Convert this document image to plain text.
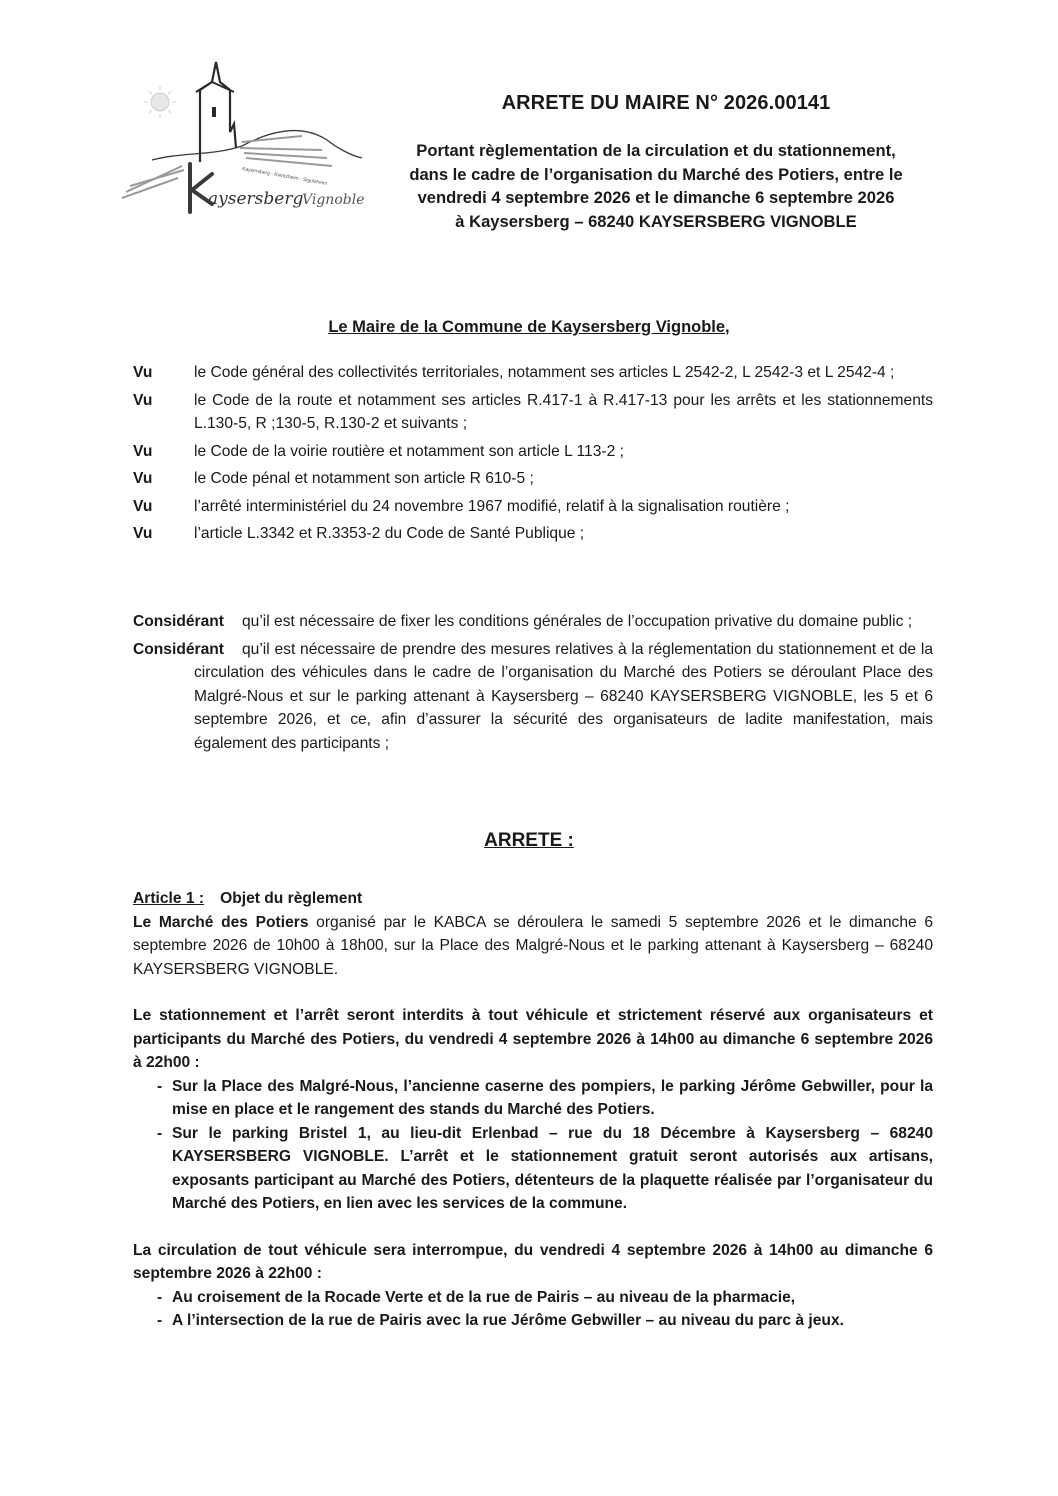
Kaysersberg - Kientzheim - Sigolsheim
aysersberg
Vignoble
ARRETE DU MAIRE N° 2026.00141
Portant règlementation de la circulation et du stationnement,
dans le cadre de l’organisation du Marché des Potiers, entre le
vendredi 4 septembre 2026 et le dimanche 6 septembre 2026
à Kaysersberg – 68240 KAYSERSBERG VIGNOBLE
Le Maire de la Commune de Kaysersberg Vignoble,
Vu	le Code général des collectivités territoriales, notamment ses articles L 2542-2, L 2542-3 et L 2542-4 ;
Vu	le Code de la route et notamment ses articles R.417-1 à R.417-13 pour les arrêts et les stationnements L.130-5, R ;130-5, R.130-2 et suivants ;
Vu	le Code de la voirie routière et notamment son article L 113-2 ;
Vu	le Code pénal et notamment son article R 610-5 ;
Vu	l’arrêté interministériel du 24 novembre 1967 modifié, relatif à la signalisation routière ;
Vu	l’article L.3342 et R.3353-2 du Code de Santé Publique ;
Considérant qu’il est nécessaire de fixer les conditions générales de l’occupation privative du domaine public ;
Considérant qu’il est nécessaire de prendre des mesures relatives à la réglementation du stationnement et de la circulation des véhicules dans le cadre de l’organisation du Marché des Potiers se déroulant Place des Malgré-Nous et sur le parking attenant à Kaysersberg – 68240 KAYSERSBERG VIGNOBLE, les 5 et 6 septembre 2026, et ce, afin d’assurer la sécurité des organisateurs de ladite manifestation, mais également des participants ;
ARRETE :
Article 1 : Objet du règlement
Le Marché des Potiers organisé par le KABCA se déroulera le samedi 5 septembre 2026 et le dimanche 6 septembre 2026 de 10h00 à 18h00, sur la Place des Malgré-Nous et le parking attenant à Kaysersberg – 68240 KAYSERSBERG VIGNOBLE.
Le stationnement et l’arrêt seront interdits à tout véhicule et strictement réservé aux organisateurs et participants du Marché des Potiers, du vendredi 4 septembre 2026 à 14h00 au dimanche 6 septembre 2026 à 22h00 :
- Sur la Place des Malgré-Nous, l’ancienne caserne des pompiers, le parking Jérôme Gebwiller, pour la mise en place et le rangement des stands du Marché des Potiers.
- Sur le parking Bristel 1, au lieu-dit Erlenbad – rue du 18 Décembre à Kaysersberg – 68240 KAYSERSBERG VIGNOBLE. L’arrêt et le stationnement gratuit seront autorisés aux artisans, exposants participant au Marché des Potiers, détenteurs de la plaquette réalisée par l’organisateur du Marché des Potiers, en lien avec les services de la commune.
La circulation de tout véhicule sera interrompue, du vendredi 4 septembre 2026 à 14h00 au dimanche 6 septembre 2026 à 22h00 :
- Au croisement de la Rocade Verte et de la rue de Pairis – au niveau de la pharmacie,
- A l’intersection de la rue de Pairis avec la rue Jérôme Gebwiller – au niveau du parc à jeux.
